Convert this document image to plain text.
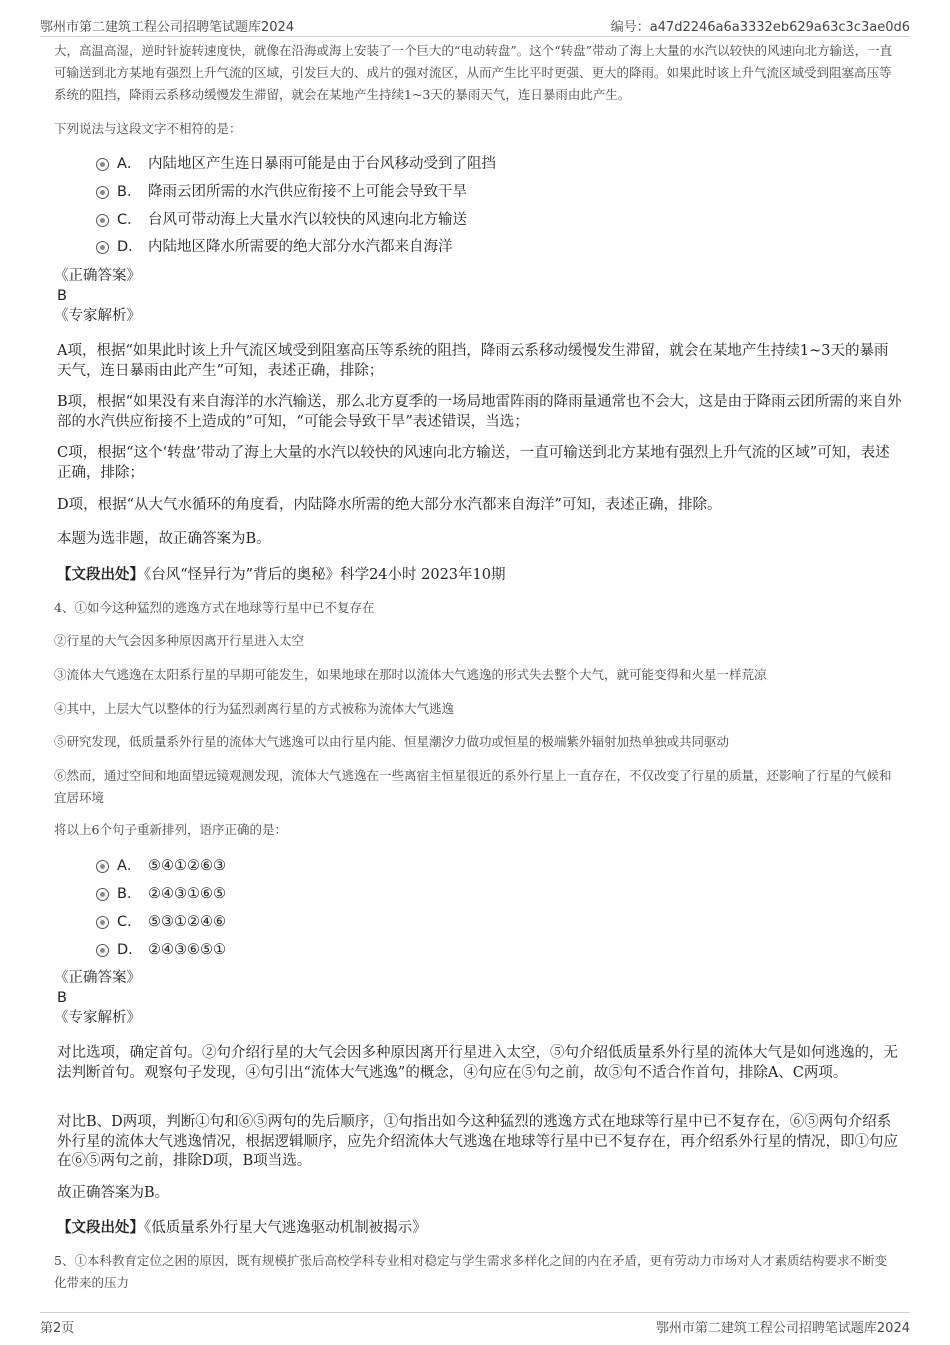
鄂州市第二建筑工程公司招聘笔试题库2024	编号：a47d2246a6a3332eb629a63c3c3ae0d6
大，高温高湿，逆时针旋转速度快，就像在沿海或海上安装了一个巨大的“电动转盘”。这个“转盘”带动了海上大量的水汽以较快的风速向北方输送，一直可输送到北方某地有强烈上升气流的区域，引发巨大的、成片的强对流区，从而产生比平时更强、更大的降雨。如果此时该上升气流区域受到阻塞高压等系统的阻挡，降雨云系移动缓慢发生滞留，就会在某地产生持续1~3天的暴雨天气，连日暴雨由此产生。
下列说法与这段文字不相符的是：
A． 内陆地区产生连日暴雨可能是由于台风移动受到了阻挡
B． 降雨云团所需的水汽供应衔接不上可能会导致干旱
C． 台风可带动海上大量水汽以较快的风速向北方输送
D． 内陆地区降水所需要的绝大部分水汽都来自海洋
《正确答案》
B
《专家解析》
A项，根据“如果此时该上升气流区域受到阻塞高压等系统的阻挡，降雨云系移动缓慢发生滞留，就会在某地产生持续1~3天的暴雨天气，连日暴雨由此产生”可知，表述正确，排除；
B项，根据“如果没有来自海洋的水汽输送，那么北方夏季的一场局地雷阵雨的降雨量通常也不会大，这是由于降雨云团所需的来自外部的水汽供应衔接不上造成的”可知，“可能会导致干旱”表述错误，当选；
C项，根据“这个‘转盘’带动了海上大量的水汽以较快的风速向北方输送，一直可输送到北方某地有强烈上升气流的区域”可知，表述正确，排除；
D项，根据“从大气水循环的角度看，内陆降水所需的绝大部分水汽都来自海洋”可知，表述正确，排除。
本题为选非题，故正确答案为B。
【文段出处】《台风“怪异行为”背后的奥秘》科学24小时 2023年10期
4、①如今这种猛烈的逃逸方式在地球等行星中已不复存在
②行星的大气会因多种原因离开行星进入太空
③流体大气逃逸在太阳系行星的早期可能发生，如果地球在那时以流体大气逃逸的形式失去整个大气，就可能变得和火星一样荒凉
④其中，上层大气以整体的行为猛烈剥离行星的方式被称为流体大气逃逸
⑤研究发现，低质量系外行星的流体大气逃逸可以由行星内能、恒星潮汐力做功或恒星的极端紫外辐射加热单独或共同驱动
⑥然而，通过空间和地面望远镜观测发现，流体大气逃逸在一些离宿主恒星很近的系外行星上一直存在，不仅改变了行星的质量，还影响了行星的气候和宜居环境
将以上6个句子重新排列，语序正确的是：
A． ⑤④①②⑥③
B． ②④③①⑥⑤
C． ⑤③①②④⑥
D． ②④③⑥⑤①
《正确答案》
B
《专家解析》
对比选项，确定首句。②句介绍行星的大气会因多种原因离开行星进入太空，⑤句介绍低质量系外行星的流体大气是如何逃逸的，无法判断首句。观察句子发现，④句引出“流体大气逃逸”的概念，④句应在⑤句之前，故⑤句不适合作首句，排除A、C两项。
对比B、D两项，判断①句和⑥⑤两句的先后顺序，①句指出如今这种猛烈的逃逸方式在地球等行星中已不复存在，⑥⑤两句介绍系外行星的流体大气逃逸情况，根据逻辑顺序，应先介绍流体大气逃逸在地球等行星中已不复存在，再介绍系外行星的情况，即①句应在⑥⑤两句之前，排除D项，B项当选。
故正确答案为B。
【文段出处】《低质量系外行星大气逃逸驱动机制被揭示》
5、①本科教育定位之困的原因，既有规模扩张后高校学科专业相对稳定与学生需求多样化之间的内在矛盾，更有劳动力市场对人才素质结构要求不断变化带来的压力
第2页	鄂州市第二建筑工程公司招聘笔试题库2024
